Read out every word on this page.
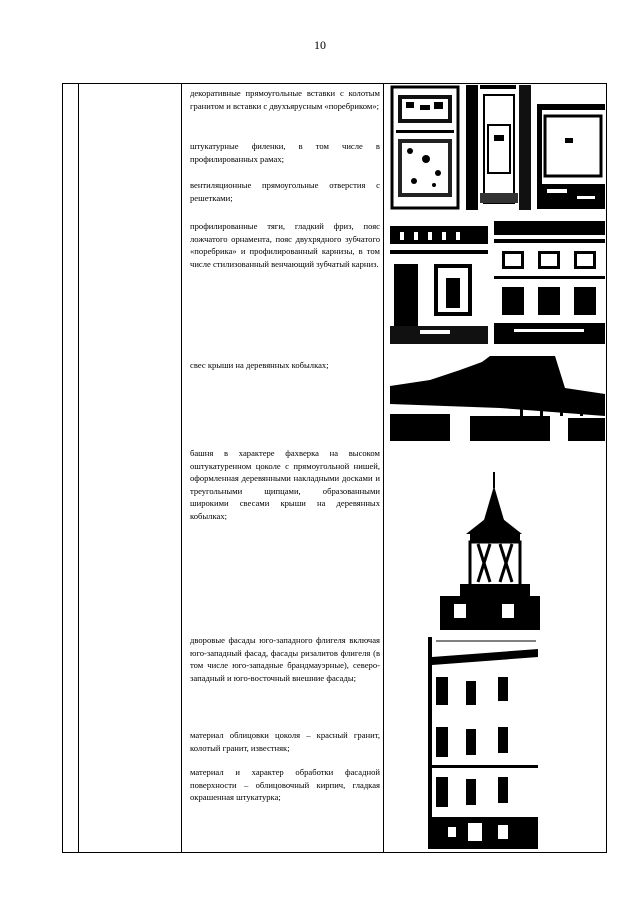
10
декоративные прямоугольные вставки с колотым гранитом и вставки с двухъярусным «поребриком»;
штукатурные филенки, в том числе в профилированных рамах;
вентиляционные прямоугольные отверстия с решетками;
профилированные тяги, гладкий фриз, пояс ложчатого орнамента, пояс двухрядного зубчатого «поребрика» и профилированный карнизы, в том числе стилизованный венчающий зубчатый карниз.
свес крыши на деревянных кобылках;
башня в характере фахверка на высоком оштукатуренном цоколе с прямоугольной нишей, оформленная деревянными накладными досками и треугольными щипцами, образованными широкими свесами крыши на деревянных кобылках;
дворовые фасады юго-западного флигеля включая юго-западный фасад, фасады ризалитов флигеля (в том числе юго-западные брандмауэрные), северо-западный и юго-восточный внешние фасады;
материал облицовки цоколя – красный гранит, колотый гранит, известняк;
материал и характер обработки фасадной поверхности – облицовочный кирпич, гладкая окрашенная штукатурка;
